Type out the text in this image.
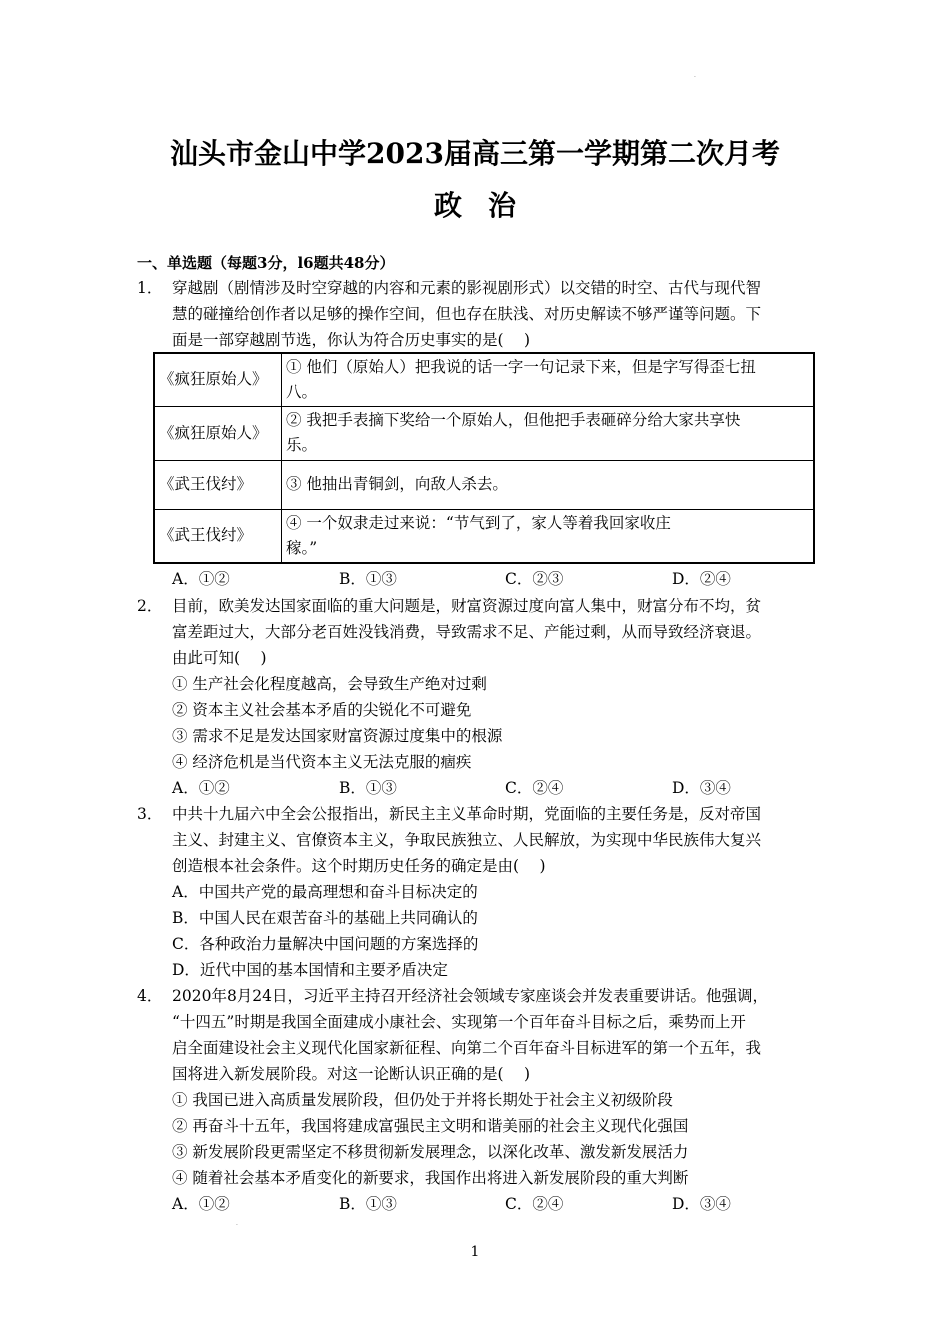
·
汕头市金山中学2023届高三第一学期第二次月考
政治
一、单选题（每题3分，l6题共48分）
1． 穿越剧（剧情涉及时空穿越的内容和元素的影视剧形式）以交错的时空、古代与现代智
慧的碰撞给创作者以足够的操作空间，但也存在肤浅、对历史解读不够严谨等问题。下
面是一部穿越剧节选，你认为符合历史事实的是(　 )
《疯狂原始人》	① 他们（原始人）把我说的话一字一句记录下来，但是字写得歪七扭
八。

《疯狂原始人》	② 我把手表摘下奖给一个原始人，但他把手表砸碎分给大家共享快
乐。

《武王伐纣》	③ 他抽出青铜剑，向敌人杀去。

《武王伐纣》	④ 一个奴隶走过来说：“节气到了，家人等着我回家收庄
稼。”
A．①②	B．①③	C．②③	D．②④
2． 目前，欧美发达国家面临的重大问题是，财富资源过度向富人集中，财富分布不均，贫
富差距过大，大部分老百姓没钱消费，导致需求不足、产能过剩，从而导致经济衰退。
由此可知(　 )
① 生产社会化程度越高，会导致生产绝对过剩
② 资本主义社会基本矛盾的尖锐化不可避免
③ 需求不足是发达国家财富资源过度集中的根源
④ 经济危机是当代资本主义无法克服的痼疾
A．①②	B．①③	C．②④	D．③④
3． 中共十九届六中全会公报指出，新民主主义革命时期，党面临的主要任务是，反对帝国
主义、封建主义、官僚资本主义，争取民族独立、人民解放，为实现中华民族伟大复兴
创造根本社会条件。这个时期历史任务的确定是由(　 )
A．中国共产党的最高理想和奋斗目标决定的
B．中国人民在艰苦奋斗的基础上共同确认的
C．各种政治力量解决中国问题的方案选择的
D．近代中国的基本国情和主要矛盾决定
4． 2020年8月24日，习近平主持召开经济社会领域专家座谈会并发表重要讲话。他强调，
“十四五”时期是我国全面建成小康社会、实现第一个百年奋斗目标之后，乘势而上开
启全面建设社会主义现代化国家新征程、向第二个百年奋斗目标进军的第一个五年，我
国将进入新发展阶段。对这一论断认识正确的是(　 )
① 我国已进入高质量发展阶段，但仍处于并将长期处于社会主义初级阶段
② 再奋斗十五年，我国将建成富强民主文明和谐美丽的社会主义现代化强国
③ 新发展阶段更需坚定不移贯彻新发展理念，以深化改革、激发新发展活力
④ 随着社会基本矛盾变化的新要求，我国作出将进入新发展阶段的重大判断
A．①②	B．①③	C．②④	D．③④
·
1
